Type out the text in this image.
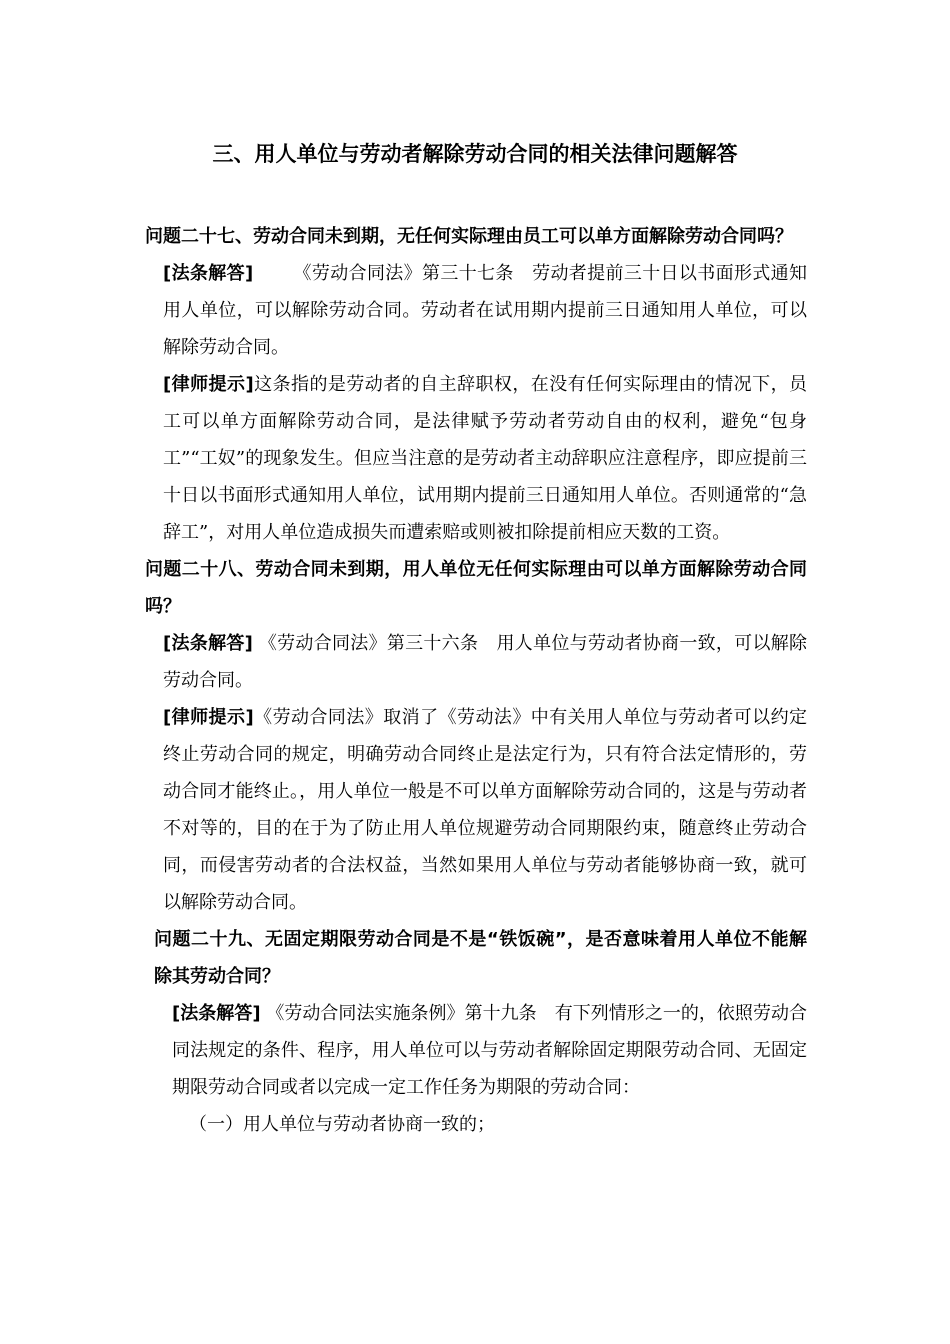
三、用人单位与劳动者解除劳动合同的相关法律问题解答

问题二十七、劳动合同未到期，无任何实际理由员工可以单方面解除劳动合同吗？

[法条解答] 《劳动合同法》第三十七条　劳动者提前三十日以书面形式通知用人单位，可以解除劳动合同。劳动者在试用期内提前三日通知用人单位，可以解除劳动合同。

[律师提示]这条指的是劳动者的自主辞职权，在没有任何实际理由的情况下，员工可以单方面解除劳动合同，是法律赋予劳动者劳动自由的权利，避免“包身工”“工奴”的现象发生。但应当注意的是劳动者主动辞职应注意程序，即应提前三十日以书面形式通知用人单位，试用期内提前三日通知用人单位。否则通常的“急辞工”，对用人单位造成损失而遭索赔或则被扣除提前相应天数的工资。

问题二十八、劳动合同未到期，用人单位无任何实际理由可以单方面解除劳动合同吗？

[法条解答] 《劳动合同法》第三十六条　用人单位与劳动者协商一致，可以解除劳动合同。

[律师提示]《劳动合同法》取消了《劳动法》中有关用人单位与劳动者可以约定终止劳动合同的规定，明确劳动合同终止是法定行为，只有符合法定情形的，劳动合同才能终止。，用人单位一般是不可以单方面解除劳动合同的，这是与劳动者不对等的，目的在于为了防止用人单位规避劳动合同期限约束，随意终止劳动合同，而侵害劳动者的合法权益，当然如果用人单位与劳动者能够协商一致，就可以解除劳动合同。

问题二十九、无固定期限劳动合同是不是“铁饭碗”，是否意味着用人单位不能解除其劳动合同？

[法条解答] 《劳动合同法实施条例》第十九条　有下列情形之一的，依照劳动合同法规定的条件、程序，用人单位可以与劳动者解除固定期限劳动合同、无固定期限劳动合同或者以完成一定工作任务为期限的劳动合同：

（一）用人单位与劳动者协商一致的；
